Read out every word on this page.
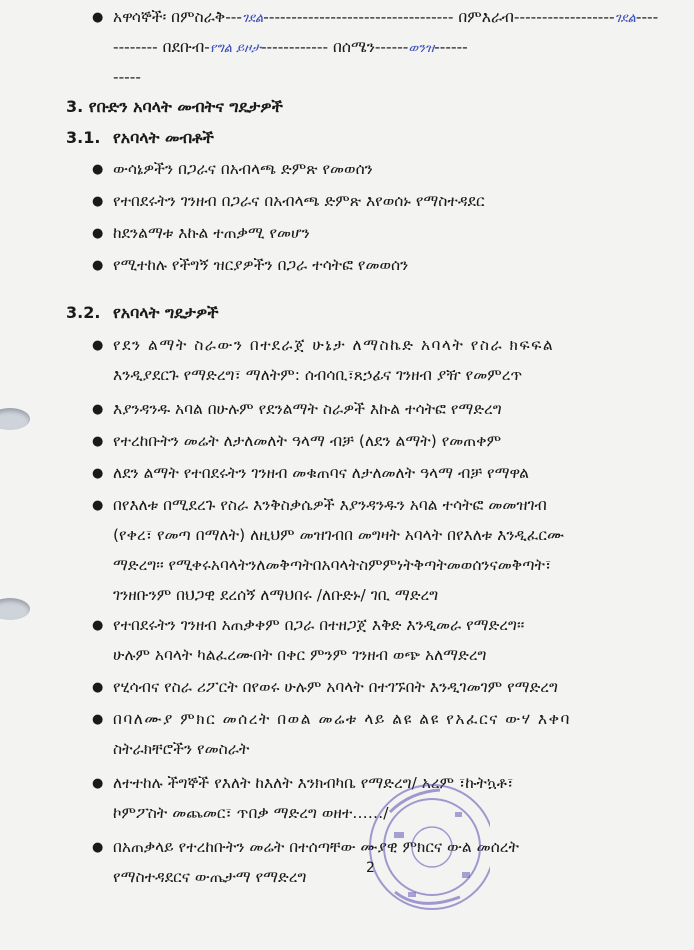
● አዋሳኞች፡ በምስራቅ---ገደል---------------------------------- በምእራብ------------------ገደል----
-------- በደቡብ-የግል ይዞታ------------ በሰሜን------ወንዝ------
-----
3. የቡድን አባላት መብትና ግዴታዎች
3.1. የአባላት መብቶች
● ውሳኔዎችን በጋራና በአብላጫ ድምጽ የመወሰን
● የተበደሩትን ገንዘብ በጋራና በአብላጫ ድምጽ እየወሰኑ የማስተዳደር
● ከደንልማቱ እኩል ተጠቃሚ የመሆን
● የሚተከሉ የችግኝ ዝርያዎችን በጋራ ተሳትፎ የመወሰን
3.2. የአባላት ግዴታዎች
● የደን ልማት ስራውን በተደራጀ ሁኔታ ለማስኬድ አባላት የስራ ክፍፍል
እንዲያደርጉ የማድረግ፣ ማለትም: ሰብሳቢ፣ጸኃፊና ገንዘብ ያዥ የመምረጥ
● እያንዳንዱ አባል በሁሉም የደንልማት ስራዎች እኩል ተሳትፎ የማድረግ
● የተረከቡትን መሬት ለታለመለት ዓላማ ብቻ (ለደን ልማት) የመጠቀም
● ለደን ልማት የተበደሩትን ገንዘብ መቁጠባና ለታለመለት ዓላማ ብቻ የማዋል
● በየእለቱ በሚደረጉ የስራ እንቅስቃሴዎች እያንዳንዱን አባል ተሳትፎ መመዝገብ
(የቀረ፣ የመጣ በማለት) ለዚህም መዝገብበ መግዛት አባላት በየእለቱ እንዲፈርሙ
ማድረግ፡፡ የሚቀሩአባላትንለመቅጣትበአባላትስምምነትቅጣትመወሰንናመቅጣት፣
ገንዘቡንም በህጋዊ ደረሰኝ ለማህበሩ /ለቡድኑ/ ገቢ ማድረግ
● የተበደሩትን ገንዘብ አጠቃቀም በጋራ በተዘጋጀ እቅድ እንዲመራ የማድረግ፡፡
ሁሉም አባላት ካልፈረሙበት በቀር ምንም ገንዘብ ወጭ አለማድረግ
● የሂሳብና የስራ ሪፖርት በየወሩ ሁሉም አባላት በተገኙበት እንዲገመገም የማድረግ
● በባለሙያ ምክር መሰረት በወል መሬቱ ላይ ልዩ ልዩ የአፈርና ውሃ እቀባ
ስትራክቸሮችን የመስራት
● ለተተከሉ ችግኞች የእለት ከእለት እንክብካቤ የማድረግ/ አረም ፣ኩትኳቶ፣
ኮምፖስት መጨመር፣ ጥበቃ ማድረግ ወዘተ……/
● በአጠቃላይ የተረከቡትን መሬት በተሰጣቸው ሙያዊ ምክርና ውል መሰረት
የማስተዳደርና ውጤታማ የማድረግ	2
